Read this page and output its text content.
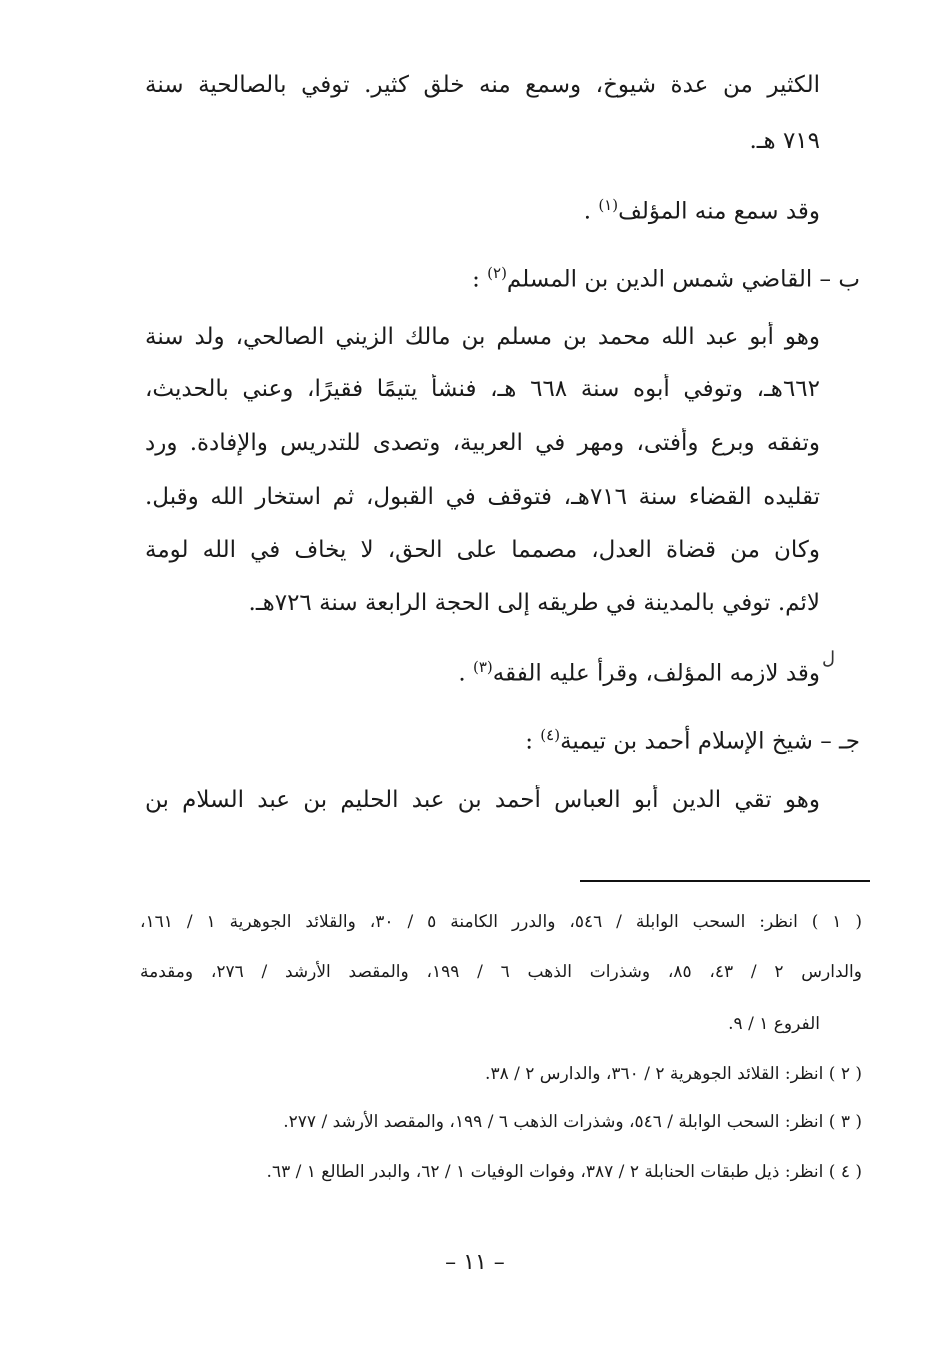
الكثير من عدة شيوخ، وسمع منه خلق كثير. توفي بالصالحية سنة
٧١٩ هـ.
وقد سمع منه المؤلف$^{(١)}$ .
ب – القاضي شمس الدين بن المسلم$^{(٢)}$ :
وهو أبو عبد الله محمد بن مسلم بن مالك الزيني الصالحي، ولد سنة
٦٦٢هـ، وتوفي أبوه سنة ٦٦٨ هـ، فنشأ يتيمًا فقيرًا، وعني بالحديث،
وتفقه وبرع وأفتى، ومهر في العربية، وتصدى للتدريس والإفادة. ورد
تقليده القضاء سنة ٧١٦هـ، فتوقف في القبول، ثم استخار الله وقبل.
وكان من قضاة العدل، مصمما على الحق، لا يخاف في الله لومة
لائم. توفي بالمدينة في طريقه إلى الحجة الرابعة سنة ٧٢٦هـ.
ل
وقد لازمه المؤلف، وقرأ عليه الفقه$^{(٣)}$ .
جـ – شيخ الإسلام أحمد بن تيمية$^{(٤)}$ :
وهو تقي الدين أبو العباس أحمد بن عبد الحليم بن عبد السلام بن
( ١ ) انظر: السحب الوابلة / ٥٤٦، والدرر الكامنة ٥ / ٣٠، والقلائد الجوهرية ١ / ١٦١،
والدارس ٢ / ٤٣، ٨٥، وشذرات الذهب ٦ / ١٩٩، والمقصد الأرشد / ٢٧٦، ومقدمة
الفروع ١ / ٩.
( ٢ ) انظر: القلائد الجوهرية ٢ / ٣٦٠، والدارس ٢ / ٣٨.
( ٣ ) انظر: السحب الوابلة / ٥٤٦، وشذرات الذهب ٦ / ١٩٩، والمقصد الأرشد / ٢٧٧.
( ٤ ) انظر: ذيل طبقات الحنابلة ٢ / ٣٨٧، وفوات الوفيات ١ / ٦٢، والبدر الطالع ١ / ٦٣.
– ١١ –
